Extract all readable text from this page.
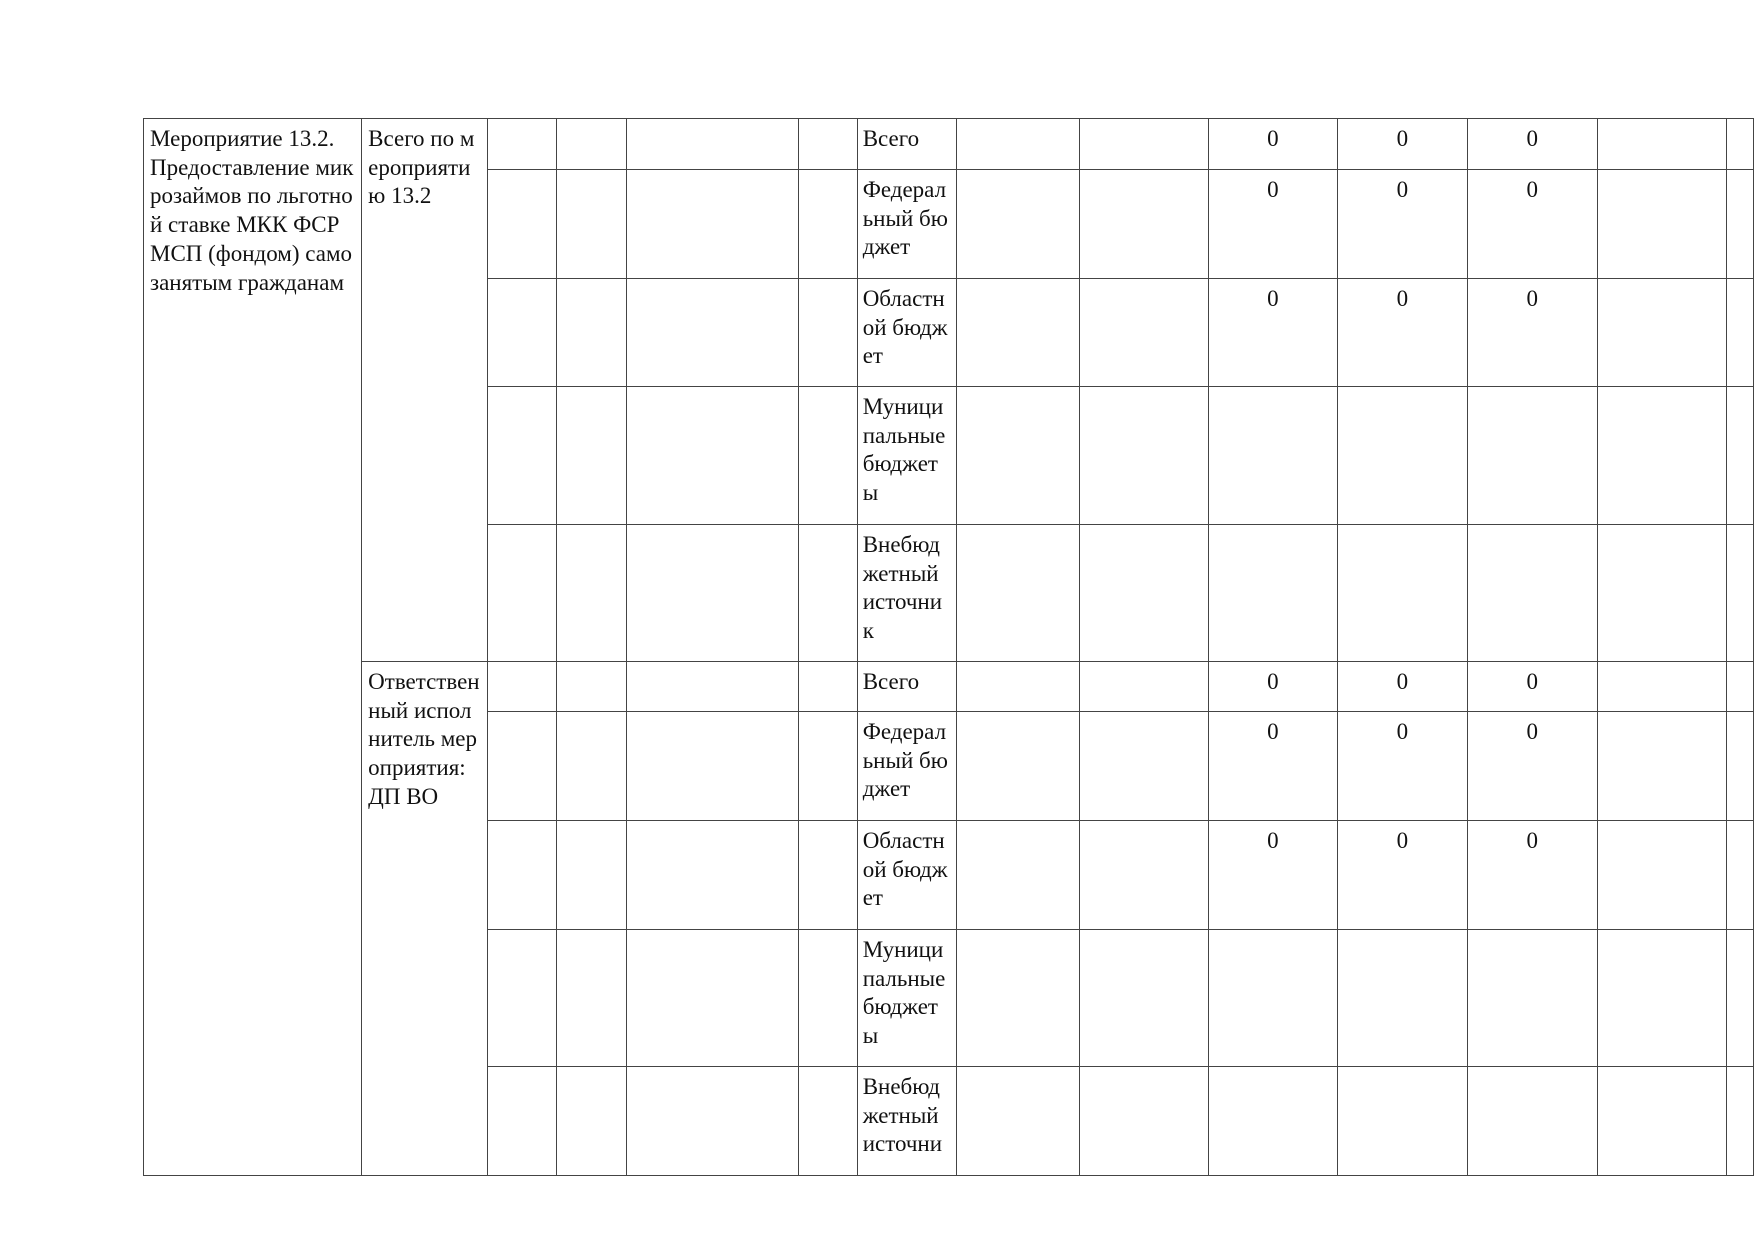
Мероприятие 13.2. Предоставление микрозаймов по льготной ставке МКК ФСРМСП (фондом) самозанятым гражданам	Всего по мероприятию 13.2					Всего			0	0	0		

						Федеральный бюджет			0	0	0		

						Областной бюджет			0	0	0		

						Муниципальные бюджеты							

						Внебюджетный источник							

	Ответственный исполнитель мероприятия: ДП ВО					Всего			0	0	0		

						Федеральный бюджет			0	0	0		

						Областной бюджет			0	0	0		

						Муниципальные бюджеты							

						Внебюджетный источни							
